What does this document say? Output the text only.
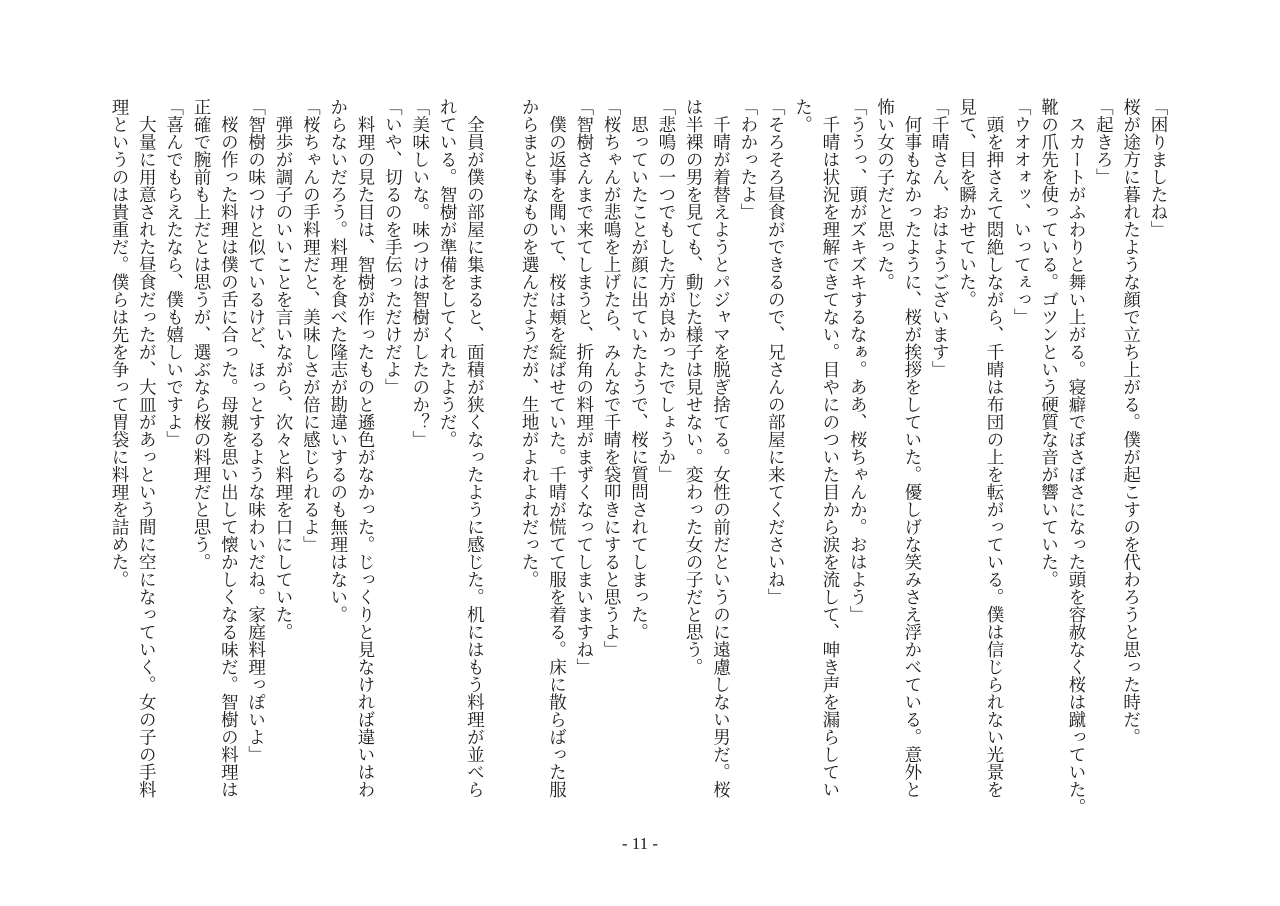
「困りましたね」
桜が途方に暮れたような顔で立ち上がる。僕が起こすのを代わろうと思った時だ。
「起きろ」
　スカートがふわりと舞い上がる。寝癖でぼさぼさになった頭を容赦なく桜は蹴っていた。
靴の爪先を使っている。ゴツンという硬質な音が響いていた。
「ウオオォッ、いってぇっ」
　頭を押さえて悶絶しながら、千晴は布団の上を転がっている。僕は信じられない光景を
見て、目を瞬かせていた。
「千晴さん、おはようございます」
　何事もなかったように、桜が挨拶をしていた。優しげな笑みさえ浮かべている。意外と
怖い女の子だと思った。
「ううっ、頭がズキズキするなぁ。ああ、桜ちゃんか。おはよう」
　千晴は状況を理解できてない。目やにのついた目から涙を流して、呻き声を漏らしてい
た。
「そろそろ昼食ができるので、兄さんの部屋に来てくださいね」
「わかったよ」
　千晴が着替えようとパジャマを脱ぎ捨てる。女性の前だというのに遠慮しない男だ。桜
は半裸の男を見ても、動じた様子は見せない。変わった女の子だと思う。
「悲鳴の一つでもした方が良かったでしょうか」
　思っていたことが顔に出ていたようで、桜に質問されてしまった。
「桜ちゃんが悲鳴を上げたら、みんなで千晴を袋叩きにすると思うよ」
「智樹さんまで来てしまうと、折角の料理がまずくなってしまいますね」
　僕の返事を聞いて、桜は頬を綻ばせていた。千晴が慌てて服を着る。床に散らばった服
からまともなものを選んだようだが、生地がよれよれだった。

　全員が僕の部屋に集まると、面積が狭くなったように感じた。机にはもう料理が並べら
れている。智樹が準備をしてくれたようだ。
「美味しいな。味つけは智樹がしたのか？」
「いや、切るのを手伝っただけだよ」
　料理の見た目は、智樹が作ったものと遜色がなかった。じっくりと見なければ違いはわ
からないだろう。料理を食べた隆志が勘違いするのも無理はない。
「桜ちゃんの手料理だと、美味しさが倍に感じられるよ」
　弾歩が調子のいいことを言いながら、次々と料理を口にしていた。
「智樹の味つけと似ているけど、ほっとするような味わいだね。家庭料理っぽいよ」
　桜の作った料理は僕の舌に合った。母親を思い出して懐かしくなる味だ。智樹の料理は
正確で腕前も上だとは思うが、選ぶなら桜の料理だと思う。
「喜んでもらえたなら、僕も嬉しいですよ」
　大量に用意された昼食だったが、大皿があっという間に空になっていく。女の子の手料
理というのは貴重だ。僕らは先を争って胃袋に料理を詰めた。
- 11 -
